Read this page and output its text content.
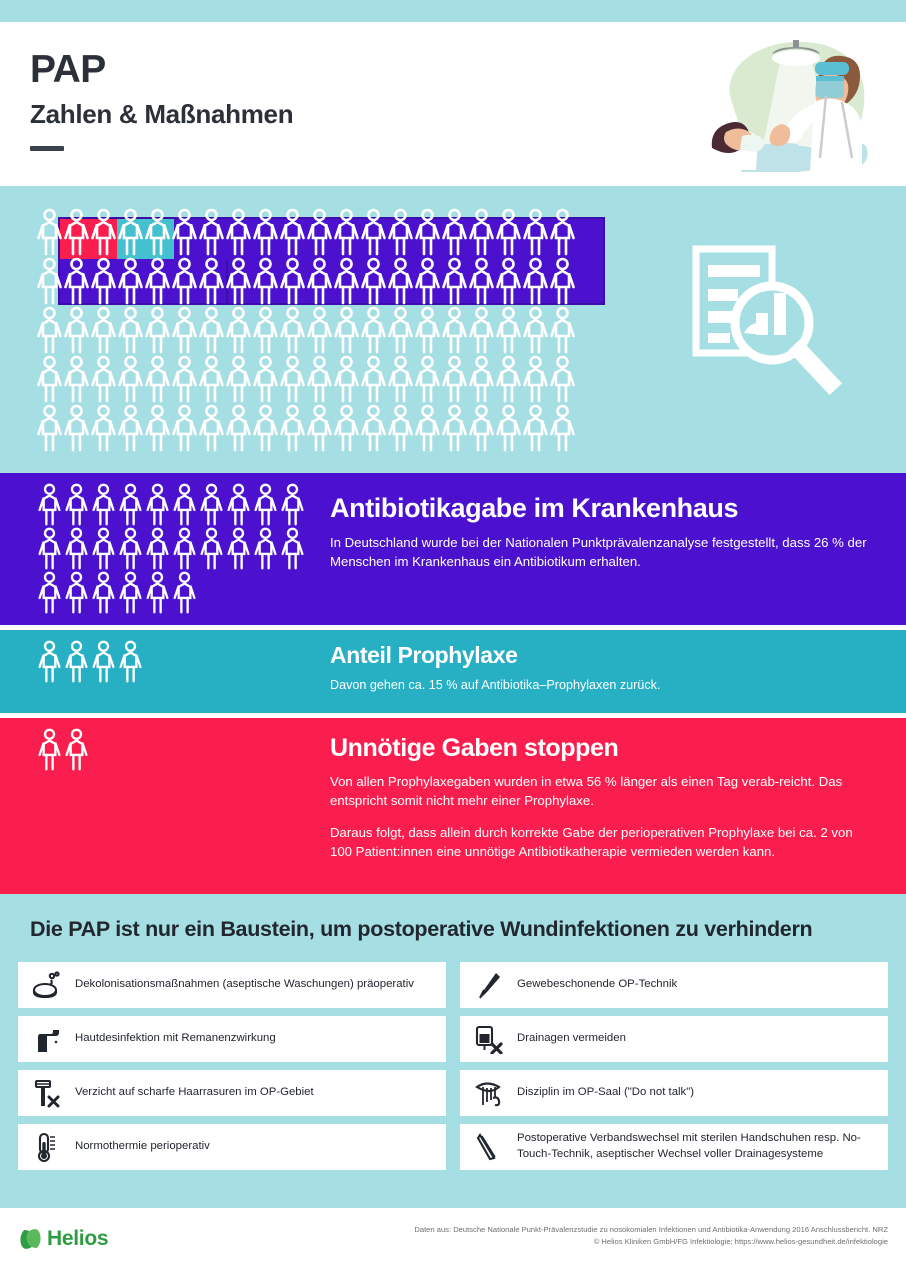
PAP
Zahlen & Maßnahmen
Antibiotikagabe im Krankenhaus

In Deutschland wurde bei der Nationalen Punktprävalenzanalyse festgestellt, dass 26 % der Menschen im Krankenhaus ein Antibiotikum erhalten.

Anteil Prophylaxe

Davon gehen ca. 15 % auf Antibiotika–Prophylaxen zurück.

Unnötige Gaben stoppen

Von allen Prophylaxegaben wurden in etwa 56 % länger als einen Tag verab-reicht. Das entspricht somit nicht mehr einer Prophylaxe.

Daraus folgt, dass allein durch korrekte Gabe der perioperativen Prophylaxe bei ca. 2 von 100 Patient:innen eine unnötige Antibiotikatherapie vermieden werden kann.

Die PAP ist nur ein Baustein, um postoperative Wundinfektionen zu verhindern
Dekolonisationsmaßnahmen (aseptische Waschungen) präoperativ
Hautdesinfektion mit Remanenzwirkung
Verzicht auf scharfe Haarrasuren im OP-Gebiet
Normothermie perioperativ
Gewebeschonende OP-Technik
Drainagen vermeiden
Disziplin im OP-Saal ("Do not talk")
Postoperative Verbandswechsel mit sterilen Handschuhen resp. No-Touch-Technik, aseptischer Wechsel voller Drainagesysteme
Helios	Daten aus: Deutsche Nationale Punkt-Prävalenzstudie zu nosokomialen Infektionen und Antibiotika-Anwendung 2016 Anschlussbericht. NRZ
© Helios Kliniken GmbH/FG Infektiologie; https://www.helios-gesundheit.de/infektiologie
